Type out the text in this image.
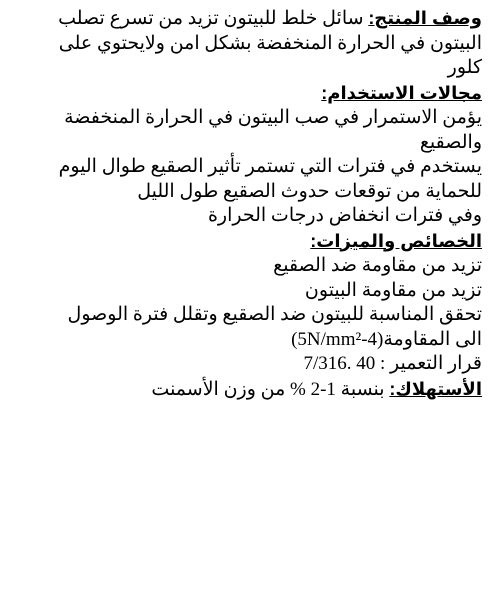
وصف المنتج: سائل خلط للبيتون تزيد من تسرع تصلب البيتون في الحرارة المنخفضة بشكل امن ولايحتوي على كلور

مجالات الاستخدام:

يؤمن الاستمرار في صب البيتون في الحرارة المنخفضة والصقيع

يستخدم في فترات التي تستمر تأثير الصقيع طوال اليوم للحماية من توقعات حدوث الصقيع طول الليل

وفي فترات انخفاض درجات الحرارة

الخصائص والميزات:

تزيد من مقاومة ضد الصقيع

تزيد من مقاومة البيتون

تحقق المناسبة للبيتون ضد الصقيع وتقلل فترة الوصول الى المقاومة(4-5N/mm²)

قرار التعمير : 40 .7/316

الأستهلاك: بنسبة 1-2 % من وزن الأسمنت
